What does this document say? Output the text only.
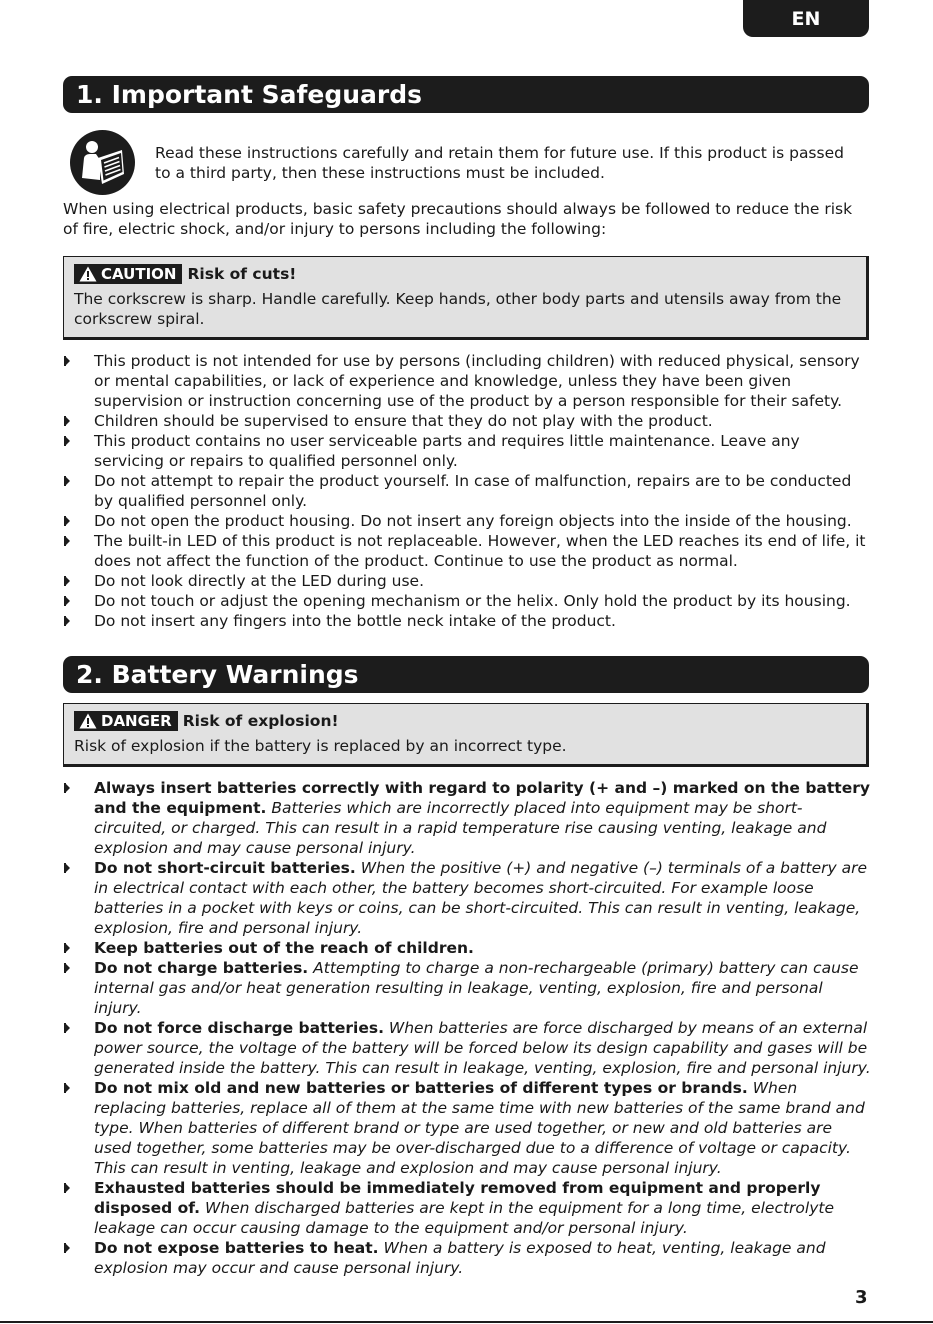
EN
1. Important Safeguards
Read these instructions carefully and retain them for future use. If this product is passed to a third party, then these instructions must be included.
When using electrical products, basic safety precautions should always be followed to reduce the risk of fire, electric shock, and/or injury to persons including the following:
CAUTION Risk of cuts!
The corkscrew is sharp. Handle carefully. Keep hands, other body parts and utensils away from the corkscrew spiral.
This product is not intended for use by persons (including children) with reduced physical, sensory or mental capabilities, or lack of experience and knowledge, unless they have been given supervision or instruction concerning use of the product by a person responsible for their safety.
Children should be supervised to ensure that they do not play with the product.
This product contains no user serviceable parts and requires little maintenance. Leave any servicing or repairs to qualified personnel only.
Do not attempt to repair the product yourself. In case of malfunction, repairs are to be conducted by qualified personnel only.
Do not open the product housing. Do not insert any foreign objects into the inside of the housing.
The built-in LED of this product is not replaceable. However, when the LED reaches its end of life, it does not affect the function of the product. Continue to use the product as normal.
Do not look directly at the LED during use.
Do not touch or adjust the opening mechanism or the helix. Only hold the product by its housing.
Do not insert any fingers into the bottle neck intake of the product.
2. Battery Warnings
DANGER Risk of explosion!
Risk of explosion if the battery is replaced by an incorrect type.
Always insert batteries correctly with regard to polarity (+ and –) marked on the battery and the equipment. Batteries which are incorrectly placed into equipment may be short-circuited, or charged. This can result in a rapid temperature rise causing venting, leakage and explosion and may cause personal injury.
Do not short-circuit batteries. When the positive (+) and negative (–) terminals of a battery are in electrical contact with each other, the battery becomes short-circuited. For example loose batteries in a pocket with keys or coins, can be short-circuited. This can result in venting, leakage, explosion, fire and personal injury.
Keep batteries out of the reach of children.
Do not charge batteries. Attempting to charge a non-rechargeable (primary) battery can cause internal gas and/or heat generation resulting in leakage, venting, explosion, fire and personal injury.
Do not force discharge batteries. When batteries are force discharged by means of an external power source, the voltage of the battery will be forced below its design capability and gases will be generated inside the battery. This can result in leakage, venting, explosion, fire and personal injury.
Do not mix old and new batteries or batteries of different types or brands. When replacing batteries, replace all of them at the same time with new batteries of the same brand and type. When batteries of different brand or type are used together, or new and old batteries are used together, some batteries may be over-discharged due to a difference of voltage or capacity. This can result in venting, leakage and explosion and may cause personal injury.
Exhausted batteries should be immediately removed from equipment and properly disposed of. When discharged batteries are kept in the equipment for a long time, electrolyte leakage can occur causing damage to the equipment and/or personal injury.
Do not expose batteries to heat. When a battery is exposed to heat, venting, leakage and explosion may occur and cause personal injury.
3
